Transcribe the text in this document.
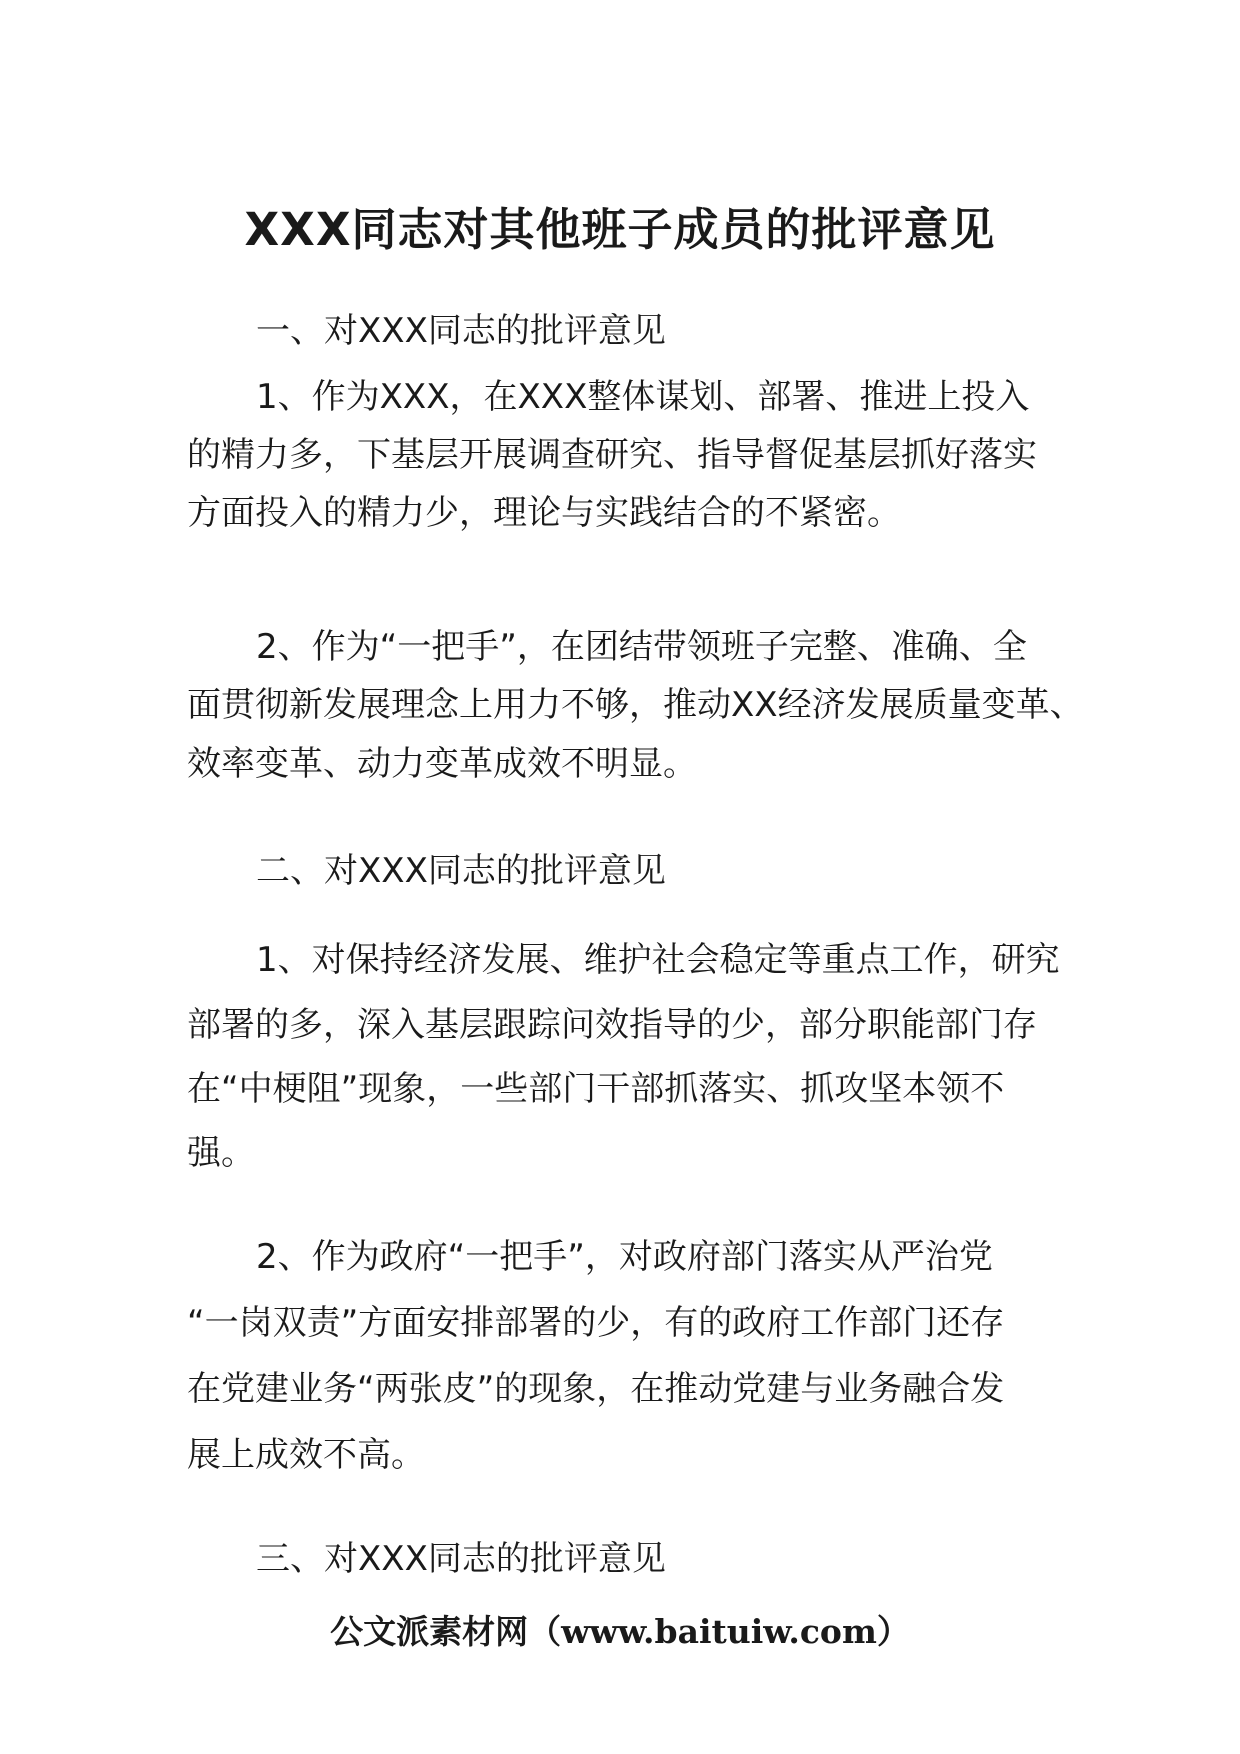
XXX同志对其他班子成员的批评意见
一、对XXX同志的批评意见
1、作为XXX，在XXX整体谋划、部署、推进上投入
的精力多，下基层开展调查研究、指导督促基层抓好落实
方面投入的精力少，理论与实践结合的不紧密。
2、作为“一把手”，在团结带领班子完整、准确、全
面贯彻新发展理念上用力不够，推动XX经济发展质量变革、
效率变革、动力变革成效不明显。
二、对XXX同志的批评意见
1、对保持经济发展、维护社会稳定等重点工作，研究
部署的多，深入基层跟踪问效指导的少，部分职能部门存
在“中梗阻”现象，一些部门干部抓落实、抓攻坚本领不
强。
2、作为政府“一把手”，对政府部门落实从严治党
“一岗双责”方面安排部署的少，有的政府工作部门还存
在党建业务“两张皮”的现象，在推动党建与业务融合发
展上成效不高。
三、对XXX同志的批评意见
公文派素材网（www.baituiw.com）
